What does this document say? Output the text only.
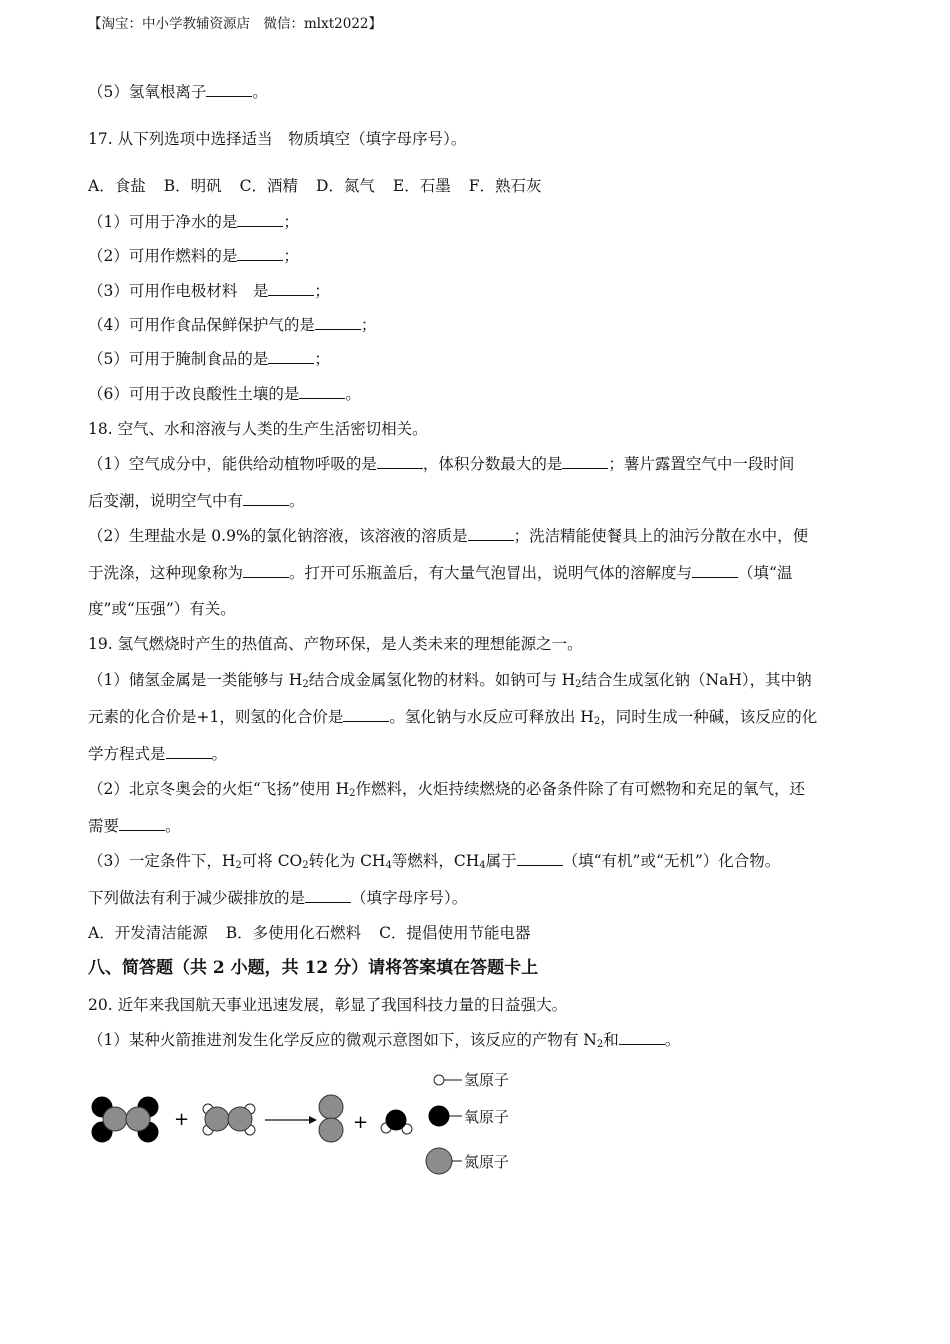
【淘宝：中小学教辅资源店　微信：mlxt2022】
（5）氢氧根离子	。
17. 从下列选项中选择适当　物质填空（填字母序号）。
A．食盐 B．明矾 C．酒精 D．氮气 E．石墨 F．熟石灰
（1）可用于净水的是	；
（2）可用作燃料的是	；
（3）可用作电极材料　是	；
（4）可用作食品保鲜保护气的是	；
（5）可用于腌制食品的是	；
（6）可用于改良酸性土壤的是	。
18. 空气、水和溶液与人类的生产生活密切相关。
（1）空气成分中，能供给动植物呼吸的是	，体积分数最大的是	；薯片露置空气中一段时间
后变潮，说明空气中有	。
（2）生理盐水是 0.9%的氯化钠溶液，该溶液的溶质是	；洗洁精能使餐具上的油污分散在水中，便
于洗涤，这种现象称为	。打开可乐瓶盖后，有大量气泡冒出，说明气体的溶解度与	（填“温
度”或“压强”）有关。
19. 氢气燃烧时产生的热值高、产物环保，是人类未来的理想能源之一。
（1）储氢金属是一类能够与 $H_2$结合成金属氢化物的材料。如钠可与 $H_2$结合生成氢化钠（NaH），其中钠
元素的化合价是+1，则氢的化合价是	。氢化钠与水反应可释放出 $H_2$，同时生成一种碱，该反应的化
学方程式是	。
（2）北京冬奥会的火炬“飞扬”使用 $H_2$作燃料，火炬持续燃烧的必备条件除了有可燃物和充足的氧气，还
需要	。
（3）一定条件下，$H_2$可将 $CO_2$转化为 $CH_4$等燃料，$CH_4$属于	（填“有机”或“无机”）化合物。
下列做法有利于减少碳排放的是	（填字母序号）。
A．开发清洁能源 B．多使用化石燃料 C．提倡使用节能电器
八、简答题（共 2 小题，共 12 分）请将答案填在答题卡上
20. 近年来我国航天事业迅速发展，彰显了我国科技力量的日益强大。
（1）某种火箭推进剂发生化学反应的微观示意图如下，该反应的产物有 $N_2$和	。
+	+
氢原子
氧原子
氮原子
